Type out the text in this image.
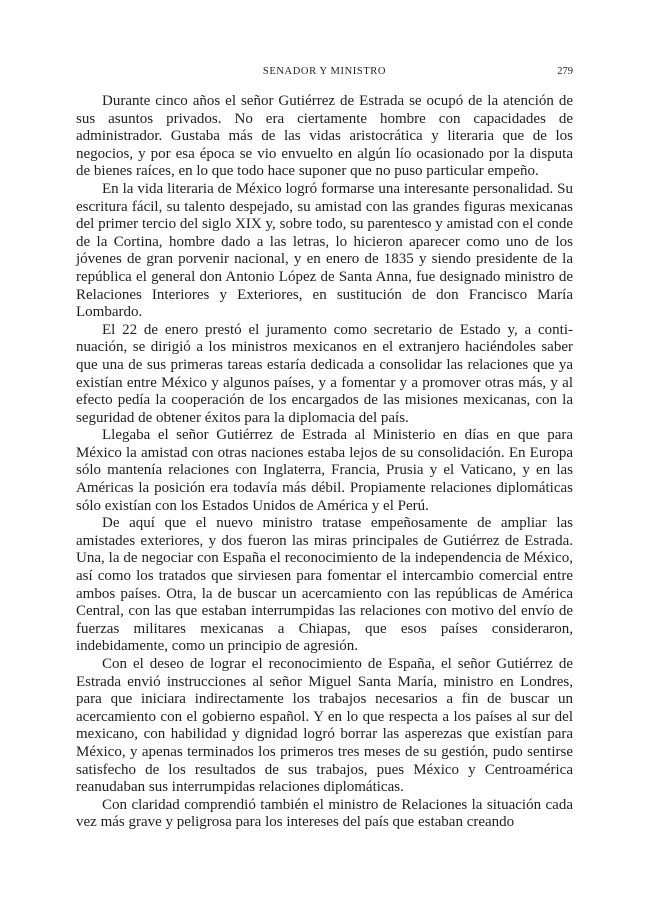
SENADOR Y MINISTRO	279

Durante cinco años el señor Gutiérrez de Estrada se ocupó de la atención de sus asuntos privados. No era ciertamente hombre con capacidades de administrador. Gustaba más de las vidas aristocrática y literaria que de los negocios, y por esa época se vio envuelto en algún lío ocasionado por la disputa de bienes raíces, en lo que todo hace suponer que no puso particular empeño.

En la vida literaria de México logró formarse una interesante personalidad. Su escritura fácil, su talento despejado, su amistad con las grandes figuras mexicanas del primer tercio del siglo XIX y, sobre todo, su parentesco y amistad con el conde de la Cortina, hombre dado a las letras, lo hicieron aparecer como uno de los jóvenes de gran porvenir nacional, y en enero de 1835 y siendo presidente de la república el general don Antonio López de Santa Anna, fue designado ministro de Relaciones Interiores y Exteriores, en sustitución de don Francisco María Lombardo.

El 22 de enero prestó el juramento como secretario de Estado y, a continuación, se dirigió a los ministros mexicanos en el extranjero haciéndoles saber que una de sus primeras tareas estaría dedicada a consolidar las relaciones que ya existían entre México y algunos países, y a fomentar y a promover otras más, y al efecto pedía la cooperación de los encargados de las misiones mexicanas, con la seguridad de obtener éxitos para la diplomacia del país.

Llegaba el señor Gutiérrez de Estrada al Ministerio en días en que para México la amistad con otras naciones estaba lejos de su consolidación. En Europa sólo mantenía relaciones con Inglaterra, Francia, Prusia y el Vaticano, y en las Américas la posición era todavía más débil. Propiamente relaciones diplomáticas sólo existían con los Estados Unidos de América y el Perú.

De aquí que el nuevo ministro tratase empeñosamente de ampliar las amistades exteriores, y dos fueron las miras principales de Gutiérrez de Estrada. Una, la de negociar con España el reconocimiento de la independencia de México, así como los tratados que sirviesen para fomentar el intercambio comercial entre ambos países. Otra, la de buscar un acercamiento con las repúblicas de América Central, con las que estaban interrumpidas las relaciones con motivo del envío de fuerzas militares mexicanas a Chiapas, que esos países consideraron, indebidamente, como un principio de agresión.

Con el deseo de lograr el reconocimiento de España, el señor Gutiérrez de Estrada envió instrucciones al señor Miguel Santa María, ministro en Londres, para que iniciara indirectamente los trabajos necesarios a fin de buscar un acercamiento con el gobierno español. Y en lo que respecta a los países al sur del mexicano, con habilidad y dignidad logró borrar las asperezas que existían para México, y apenas terminados los primeros tres meses de su gestión, pudo sentirse satisfecho de los resultados de sus trabajos, pues México y Centroamérica reanudaban sus interrumpidas relaciones diplomáticas.

Con claridad comprendió también el ministro de Relaciones la situación cada vez más grave y peligrosa para los intereses del país que estaban creando
